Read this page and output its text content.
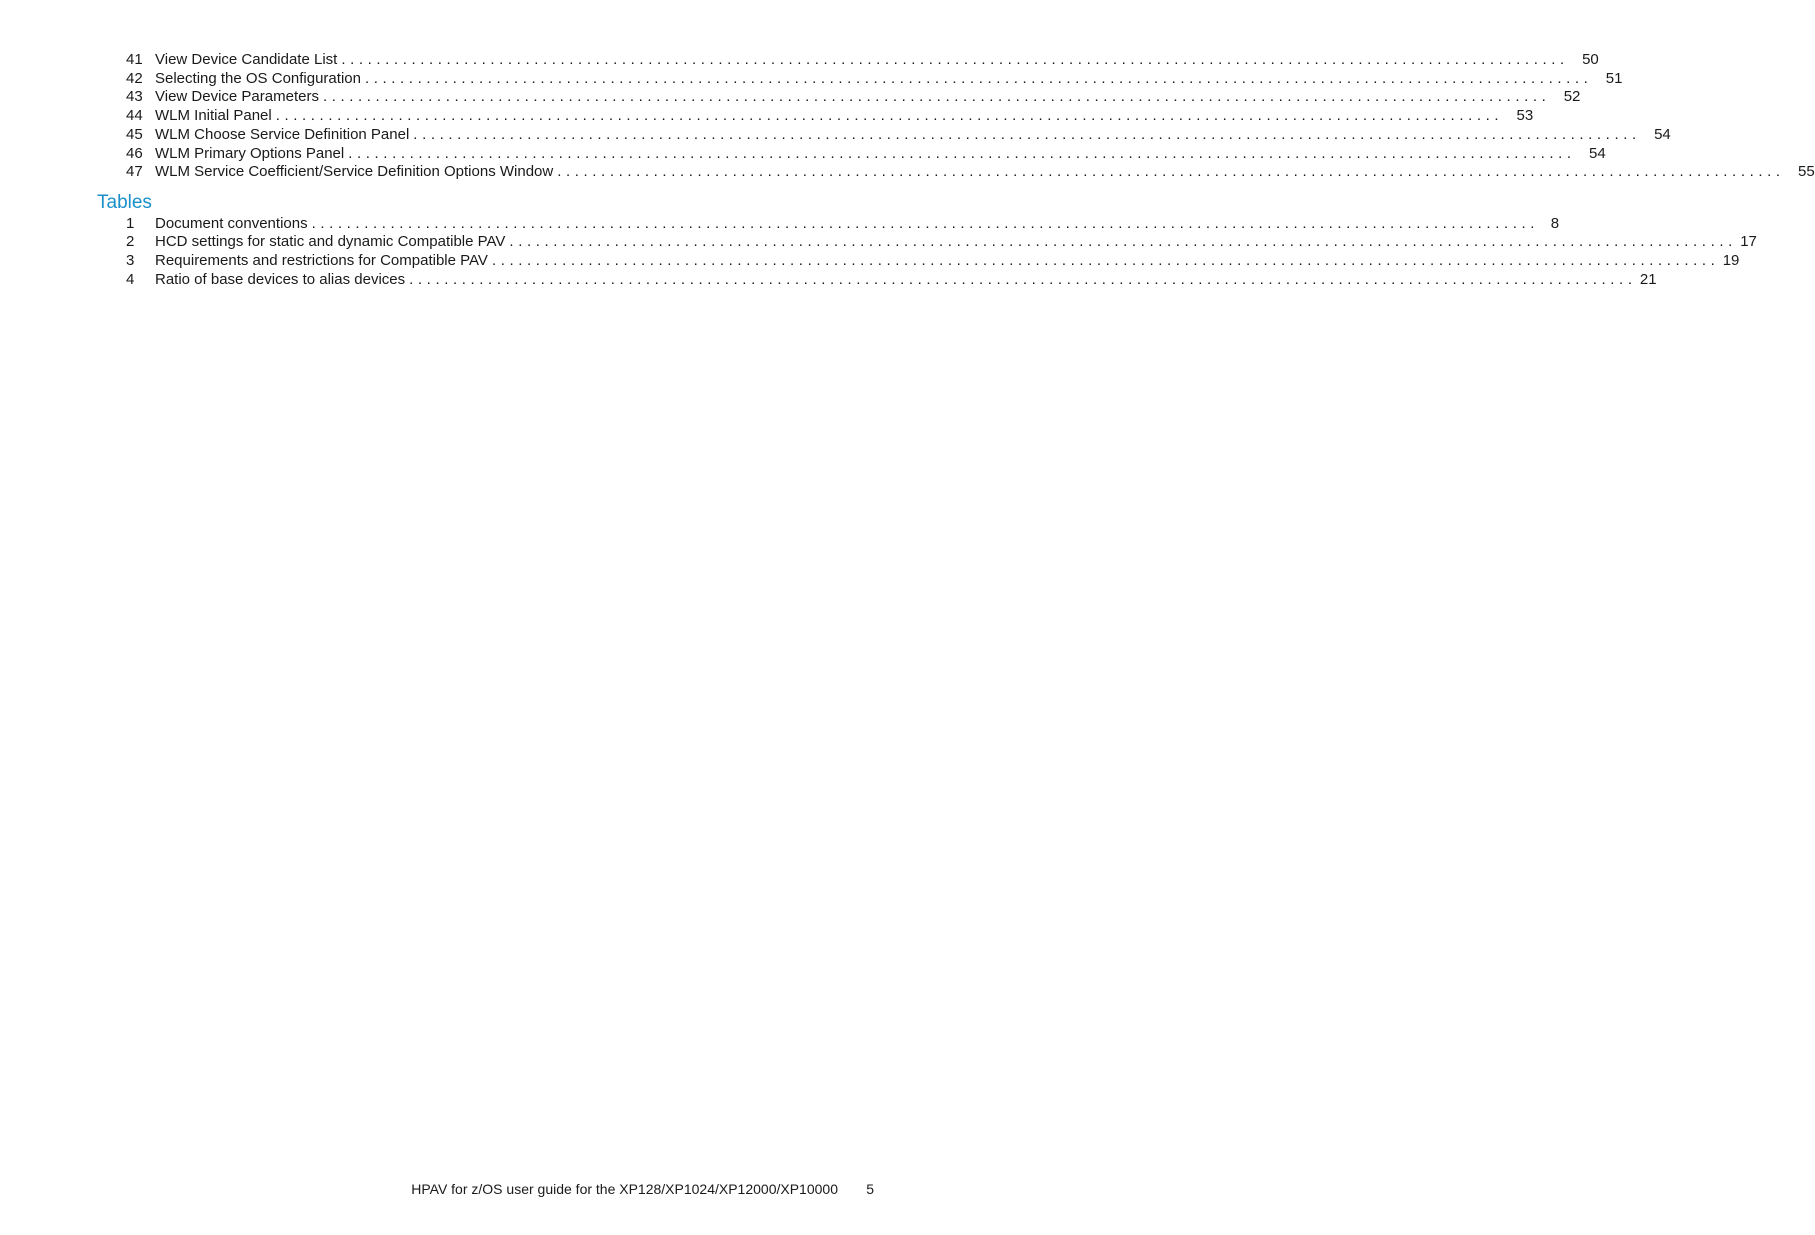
41 View Device Candidate List ............................................................................................................................................ 50
42 Selecting the OS Configuration ............................................................................................................................................ 51
43 View Device Parameters ............................................................................................................................................ 52
44 WLM Initial Panel ............................................................................................................................................ 53
45 WLM Choose Service Definition Panel ............................................................................................................................................ 54
46 WLM Primary Options Panel ............................................................................................................................................ 54
47 WLM Service Coefficient/Service Definition Options Window ............................................................................................................................................ 55
Tables
1	Document conventions ............................................................................................................................................ 8
2	HCD settings for static and dynamic Compatible PAV ............................................................................................................................................ 17
3	Requirements and restrictions for Compatible PAV ............................................................................................................................................ 19
4	Ratio of base devices to alias devices ............................................................................................................................................ 21
HPAV for z/OS user guide for the XP128/XP1024/XP12000/XP10000	5
